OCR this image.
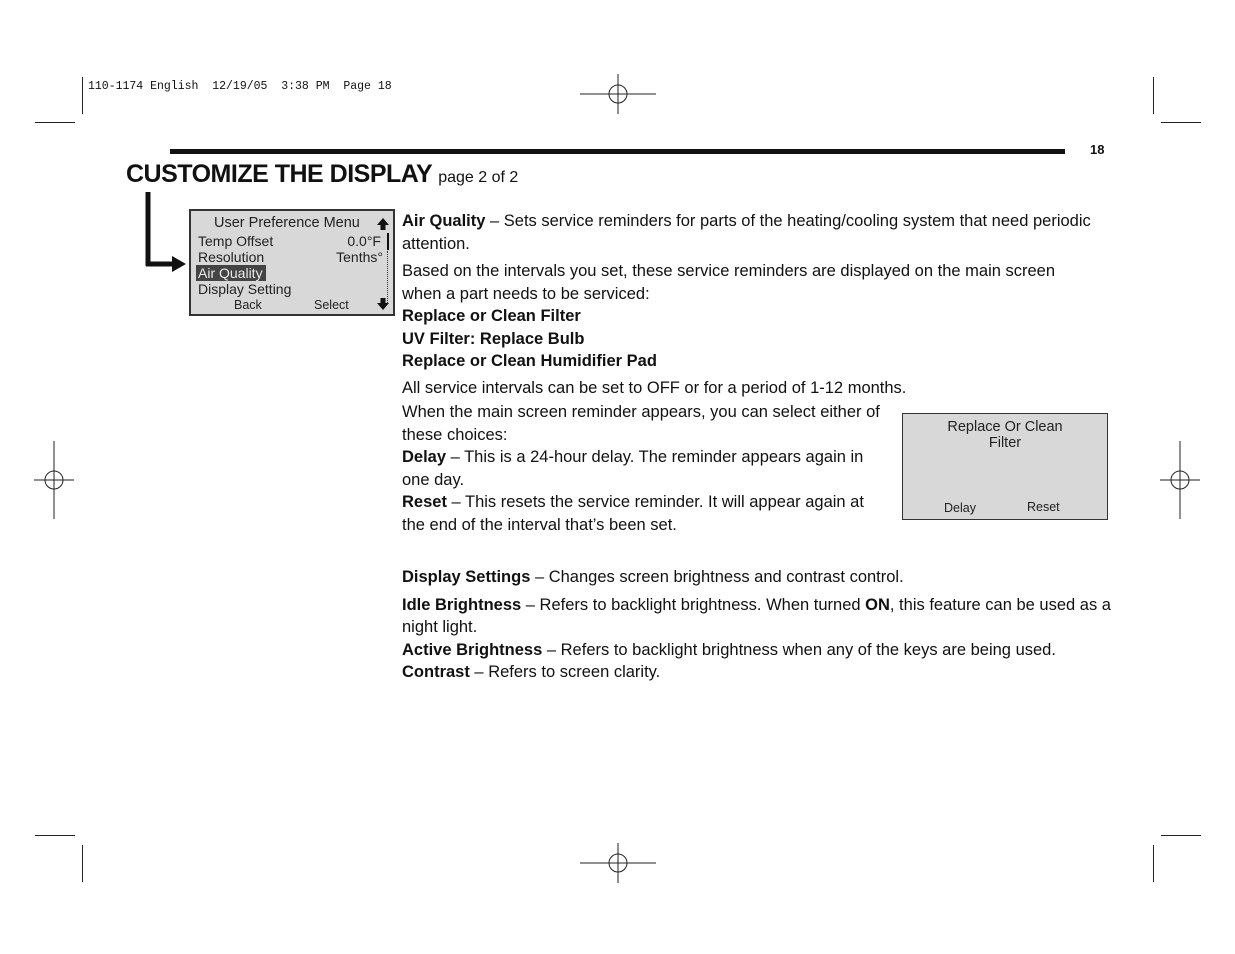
110-1174 English  12/19/05  3:38 PM  Page 18
18
CUSTOMIZE THE DISPLAY page 2 of 2
User Preference Menu
Temp Offset	0.0°F
Resolution	Tenths°
Air Quality
Display Setting
Back	Select

Air Quality – Sets service reminders for parts of the heating/cooling system that need periodic attention.

Based on the intervals you set, these service reminders are displayed on the main screen when a part needs to be serviced:

Replace or Clean Filter

UV Filter: Replace Bulb

Replace or Clean Humidifier Pad

All service intervals can be set to OFF or for a period of 1-12 months.

When the main screen reminder appears, you can select either of these choices:

Delay – This is a 24-hour delay. The reminder appears again in one day.

Reset – This resets the service reminder. It will appear again at the end of the interval that’s been set.

Replace Or Clean
Filter
Delay	Reset

Display Settings – Changes screen brightness and contrast control.

Idle Brightness – Refers to backlight brightness. When turned ON, this feature can be used as a night light.

Active Brightness – Refers to backlight brightness when any of the keys are being used.

Contrast – Refers to screen clarity.
